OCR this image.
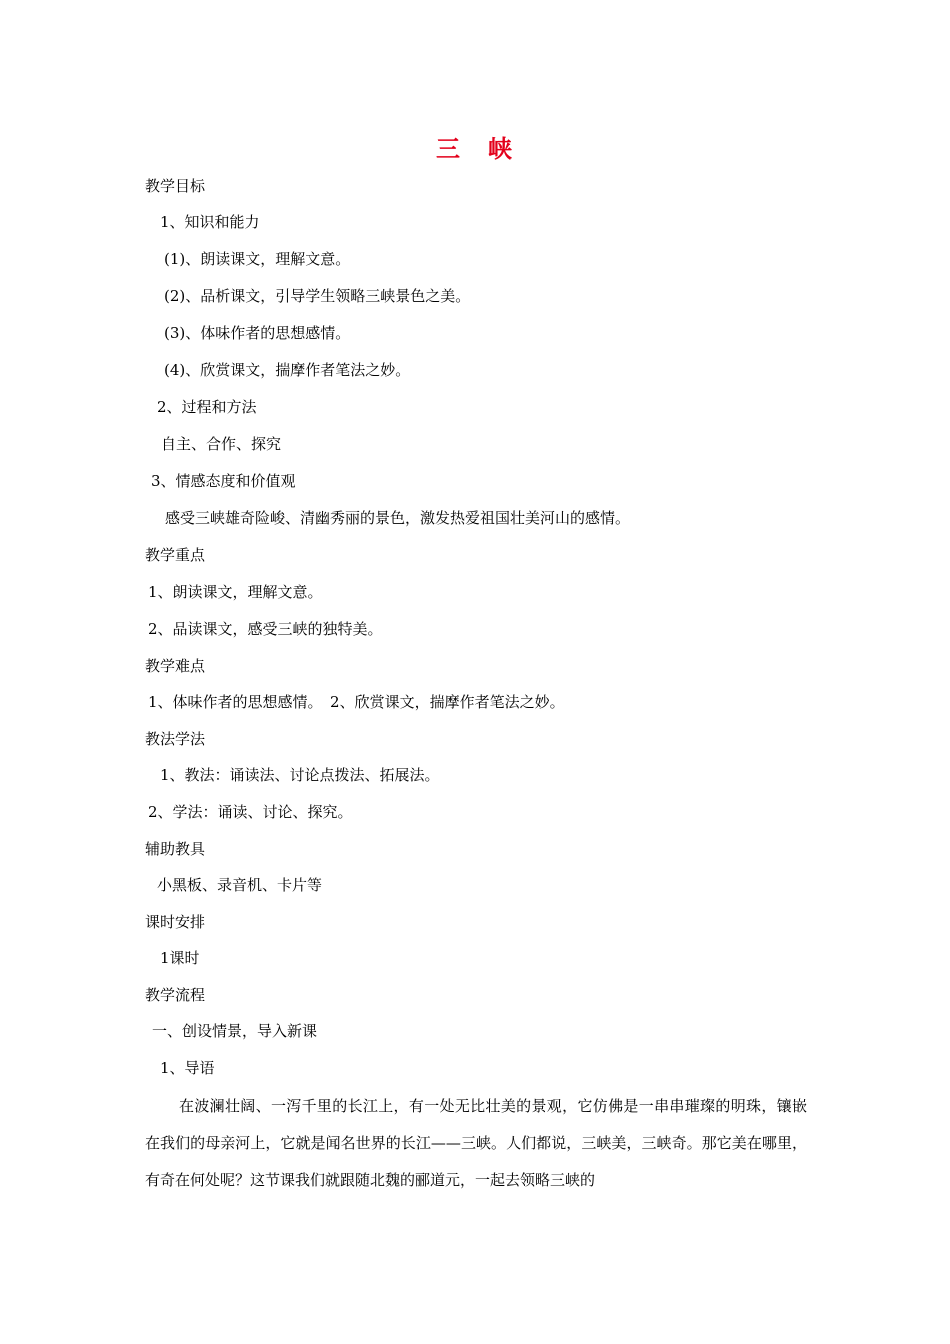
三　峡
教学目标
1、知识和能力
(1)、朗读课文，理解文意。
(2)、品析课文，引导学生领略三峡景色之美。
(3)、体味作者的思想感情。
(4)、欣赏课文，揣摩作者笔法之妙。
2、过程和方法
自主、合作、探究
3、情感态度和价值观
感受三峡雄奇险峻、清幽秀丽的景色，激发热爱祖国壮美河山的感情。
教学重点
1、朗读课文，理解文意。
2、品读课文，感受三峡的独特美。
教学难点
1、体味作者的思想感情。　2、欣赏课文，揣摩作者笔法之妙。
教法学法
1、教法：诵读法、讨论点拨法、拓展法。
2、学法：诵读、讨论、探究。
辅助教具
小黑板、录音机、卡片等
课时安排
1课时
教学流程
一、创设情景，导入新课
1、导语

在波澜壮阔、一泻千里的长江上，有一处无比壮美的景观，它仿佛是一串串璀璨的明珠，镶嵌在我们的母亲河上，它就是闻名世界的长江——三峡。人们都说，三峡美，三峡奇。那它美在哪里，有奇在何处呢？这节课我们就跟随北魏的郦道元，一起去领略三峡的
